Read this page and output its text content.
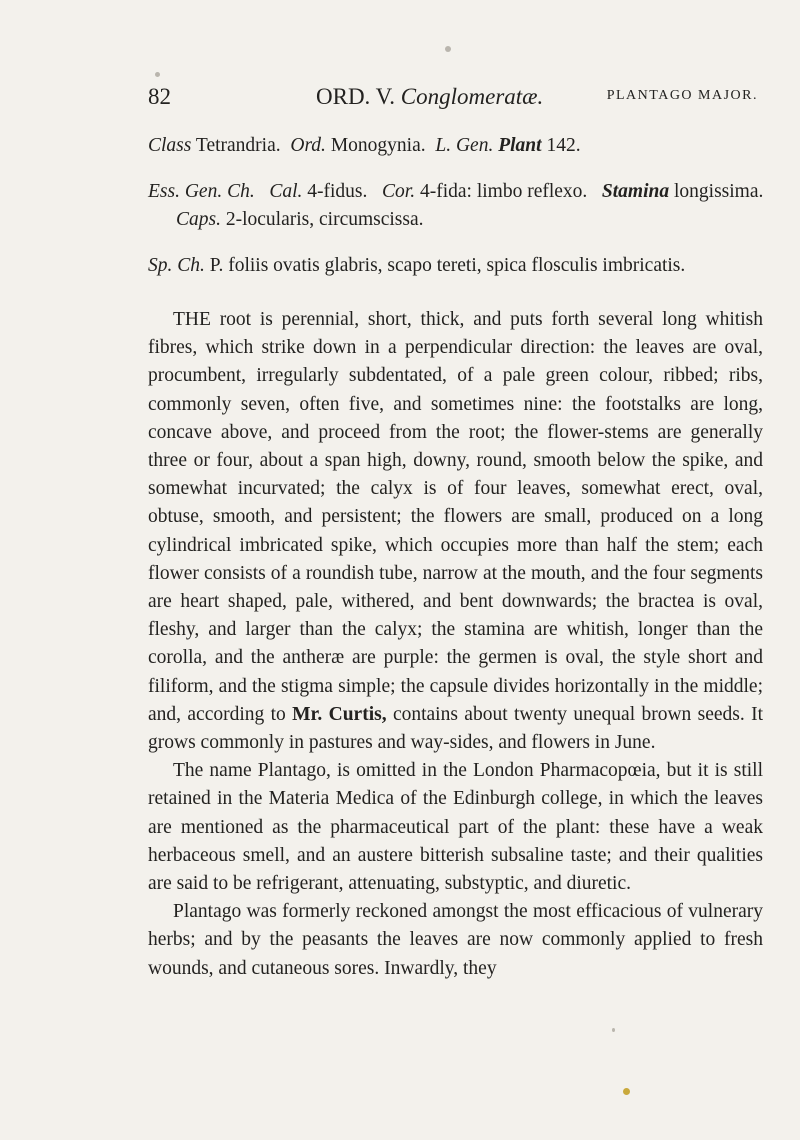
82	ORD. V. Conglomeratæ.	PLANTAGO MAJOR.
Class Tetrandria. Ord. Monogynia. L. Gen. Plant 142.
Ess. Gen. Ch. Cal. 4-fidus. Cor. 4-fida: limbo reflexo. Stamina longissima.   Caps. 2-locularis, circumscissa.
Sp. Ch. P. foliis ovatis glabris, scapo tereti, spica flosculis imbricatis.

THE root is perennial, short, thick, and puts forth several long whitish fibres, which strike down in a perpendicular direction: the leaves are oval, procumbent, irregularly subdentated, of a pale green colour, ribbed; ribs, commonly seven, often five, and sometimes nine: the footstalks are long, concave above, and proceed from the root; the flower-stems are generally three or four, about a span high, downy, round, smooth below the spike, and somewhat incurvated; the calyx is of four leaves, somewhat erect, oval, obtuse, smooth, and persistent; the flowers are small, produced on a long cylindrical imbricated spike, which occupies more than half the stem; each flower consists of a roundish tube, narrow at the mouth, and the four segments are heart shaped, pale, withered, and bent downwards; the bractea is oval, fleshy, and larger than the calyx; the stamina are whitish, longer than the corolla, and the antheræ are purple: the germen is oval, the style short and filiform, and the stigma simple; the capsule divides horizontally in the middle; and, according to Mr. Curtis, contains about twenty unequal brown seeds. It grows commonly in pastures and way-sides, and flowers in June.

The name Plantago, is omitted in the London Pharmacopœia, but it is still retained in the Materia Medica of the Edinburgh college, in which the leaves are mentioned as the pharmaceutical part of the plant: these have a weak herbaceous smell, and an austere bitterish subsaline taste; and their qualities are said to be refrigerant, attenuating, substyptic, and diuretic.

Plantago was formerly reckoned amongst the most efficacious of vulnerary herbs; and by the peasants the leaves are now commonly applied to fresh wounds, and cutaneous sores. Inwardly, they
